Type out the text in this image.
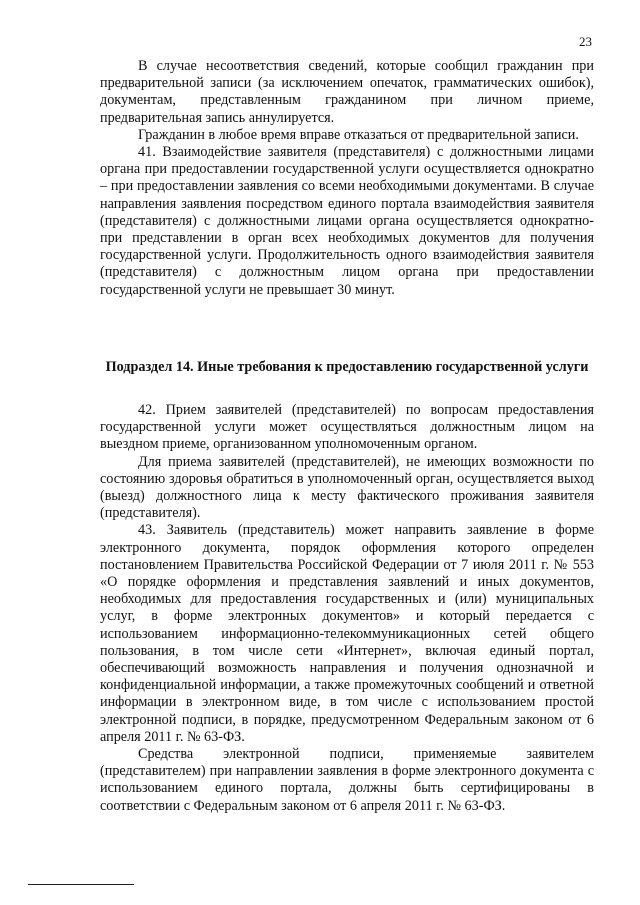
23

В случае несоответствия сведений, которые сообщил гражданин при предварительной записи (за исключением опечаток, грамматических ошибок), документам, представленным гражданином при личном приеме, предварительная запись аннулируется.

Гражданин в любое время вправе отказаться от предварительной записи.

41. Взаимодействие заявителя (представителя) с должностными лицами органа при предоставлении государственной услуги осуществляется однократно – при предоставлении заявления со всеми необходимыми документами. В случае направления заявления посредством единого портала взаимодействия заявителя (представителя) с должностными лицами органа осуществляется однократно- при представлении в орган всех необходимых документов для получения государственной услуги. Продолжительность одного взаимодействия заявителя (представителя) с должностным лицом органа при предоставлении государственной услуги не превышает 30 минут.

Подраздел 14. Иные требования к предоставлению государственной услуги

42. Прием заявителей (представителей) по вопросам предоставления государственной услуги может осуществляться должностным лицом на выездном приеме, организованном уполномоченным органом.

Для приема заявителей (представителей), не имеющих возможности по состоянию здоровья обратиться в уполномоченный орган, осуществляется выход (выезд) должностного лица к месту фактического проживания заявителя (представителя).

43. Заявитель (представитель) может направить заявление в форме электронного документа, порядок оформления которого определен постановлением Правительства Российской Федерации от 7 июля 2011 г. № 553 «О порядке оформления и представления заявлений и иных документов, необходимых для предоставления государственных и (или) муниципальных услуг, в форме электронных документов» и который передается с использованием информационно-телекоммуникационных сетей общего пользования, в том числе сети «Интернет», включая единый портал, обеспечивающий возможность направления и получения однозначной и конфиденциальной информации, а также промежуточных сообщений и ответной информации в электронном виде, в том числе с использованием простой электронной подписи, в порядке, предусмотренном Федеральным законом от 6 апреля 2011 г. № 63-ФЗ.

Средства электронной подписи, применяемые заявителем (представителем) при направлении заявления в форме электронного документа с использованием единого портала, должны быть сертифицированы в соответствии с Федеральным законом от 6 апреля 2011 г. № 63-ФЗ.
